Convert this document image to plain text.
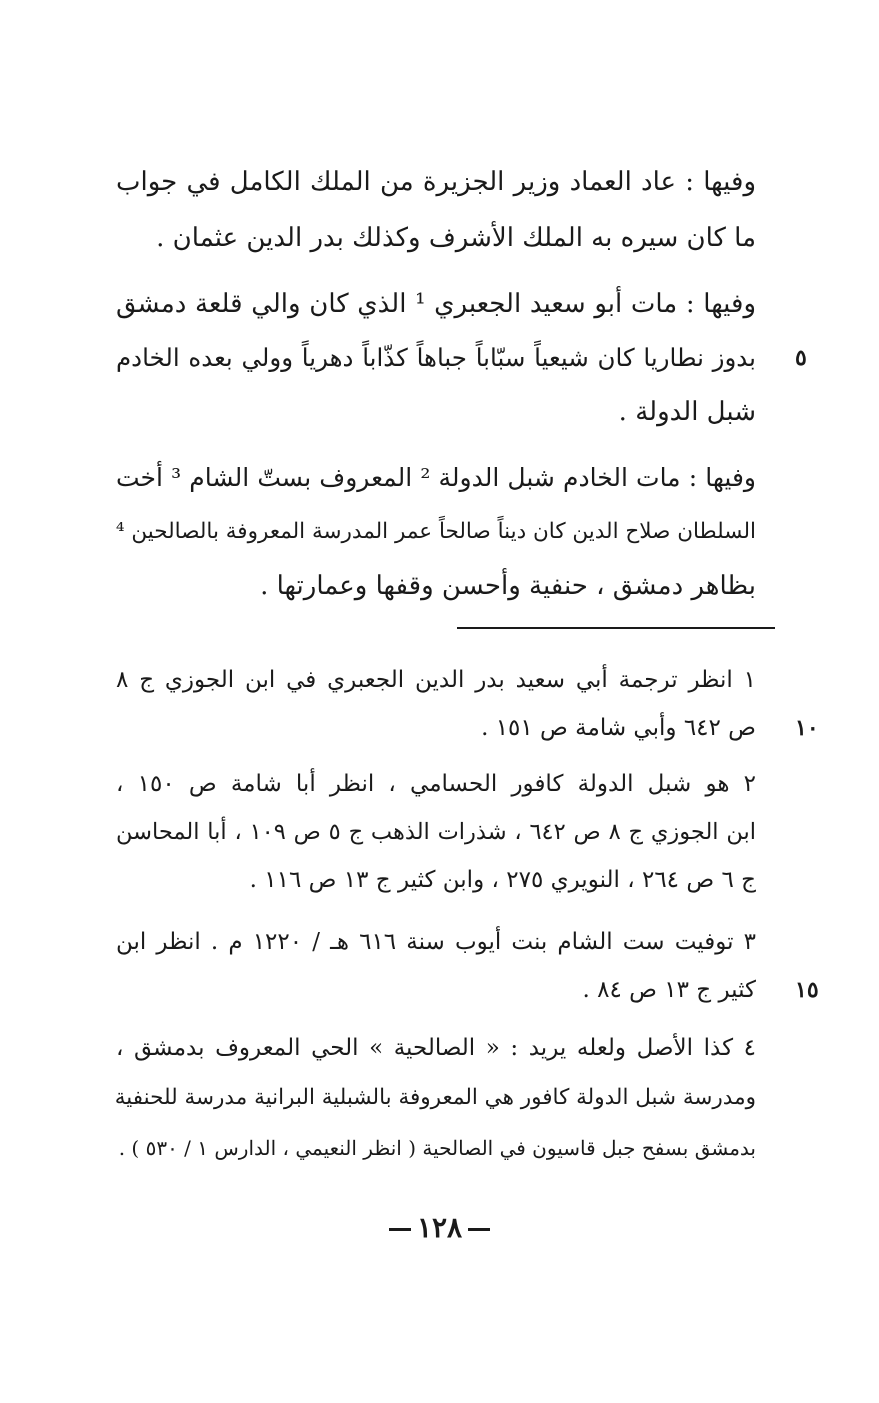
وفيها : عاد العماد وزير الجزيرة من الملك الكامل في جواب
ما كان سيره به الملك الأشرف وكذلك بدر الدين عثمان .
وفيها : مات أبو سعيد الجعبري ¹ الذي كان والي قلعة دمشق
بدوز نطاريا كان شيعياً سبّاباً جباهاً كذّاباً دهرياً وولي بعده الخادم
شبل الدولة .
وفيها : مات الخادم شبل الدولة ² المعروف بستّ الشام ³ أخت
السلطان صلاح الدين كان ديناً صالحاً عمر المدرسة المعروفة بالصالحين ⁴
بظاهر دمشق ، حنفية وأحسن وقفها وعمارتها .
١ انظر ترجمة أبي سعيد بدر الدين الجعبري في ابن الجوزي ج ٨
ص ٦٤٢ وأبي شامة ص ١٥١ .
٢ هو شبل الدولة كافور الحسامي ، انظر أبا شامة ص ١٥٠ ،
ابن الجوزي ج ٨ ص ٦٤٢ ، شذرات الذهب ج ٥ ص ١٠٩ ، أبا المحاسن
ج ٦ ص ٢٦٤ ، النويري ٢٧٥ ، وابن كثير ج ١٣ ص ١١٦ .
٣ توفيت ست الشام بنت أيوب سنة ٦١٦ هـ / ١٢٢٠ م . انظر ابن
كثير ج ١٣ ص ٨٤ .
٤ كذا الأصل ولعله يريد : « الصالحية » الحي المعروف بدمشق ،
ومدرسة شبل الدولة كافور هي المعروفة بالشبلية البرانية مدرسة للحنفية
بدمشق بسفح جبل قاسيون في الصالحية ( انظر النعيمي ، الدارس ١ / ٥٣٠ ) .
٥
١٠
١٥
١٢٨
